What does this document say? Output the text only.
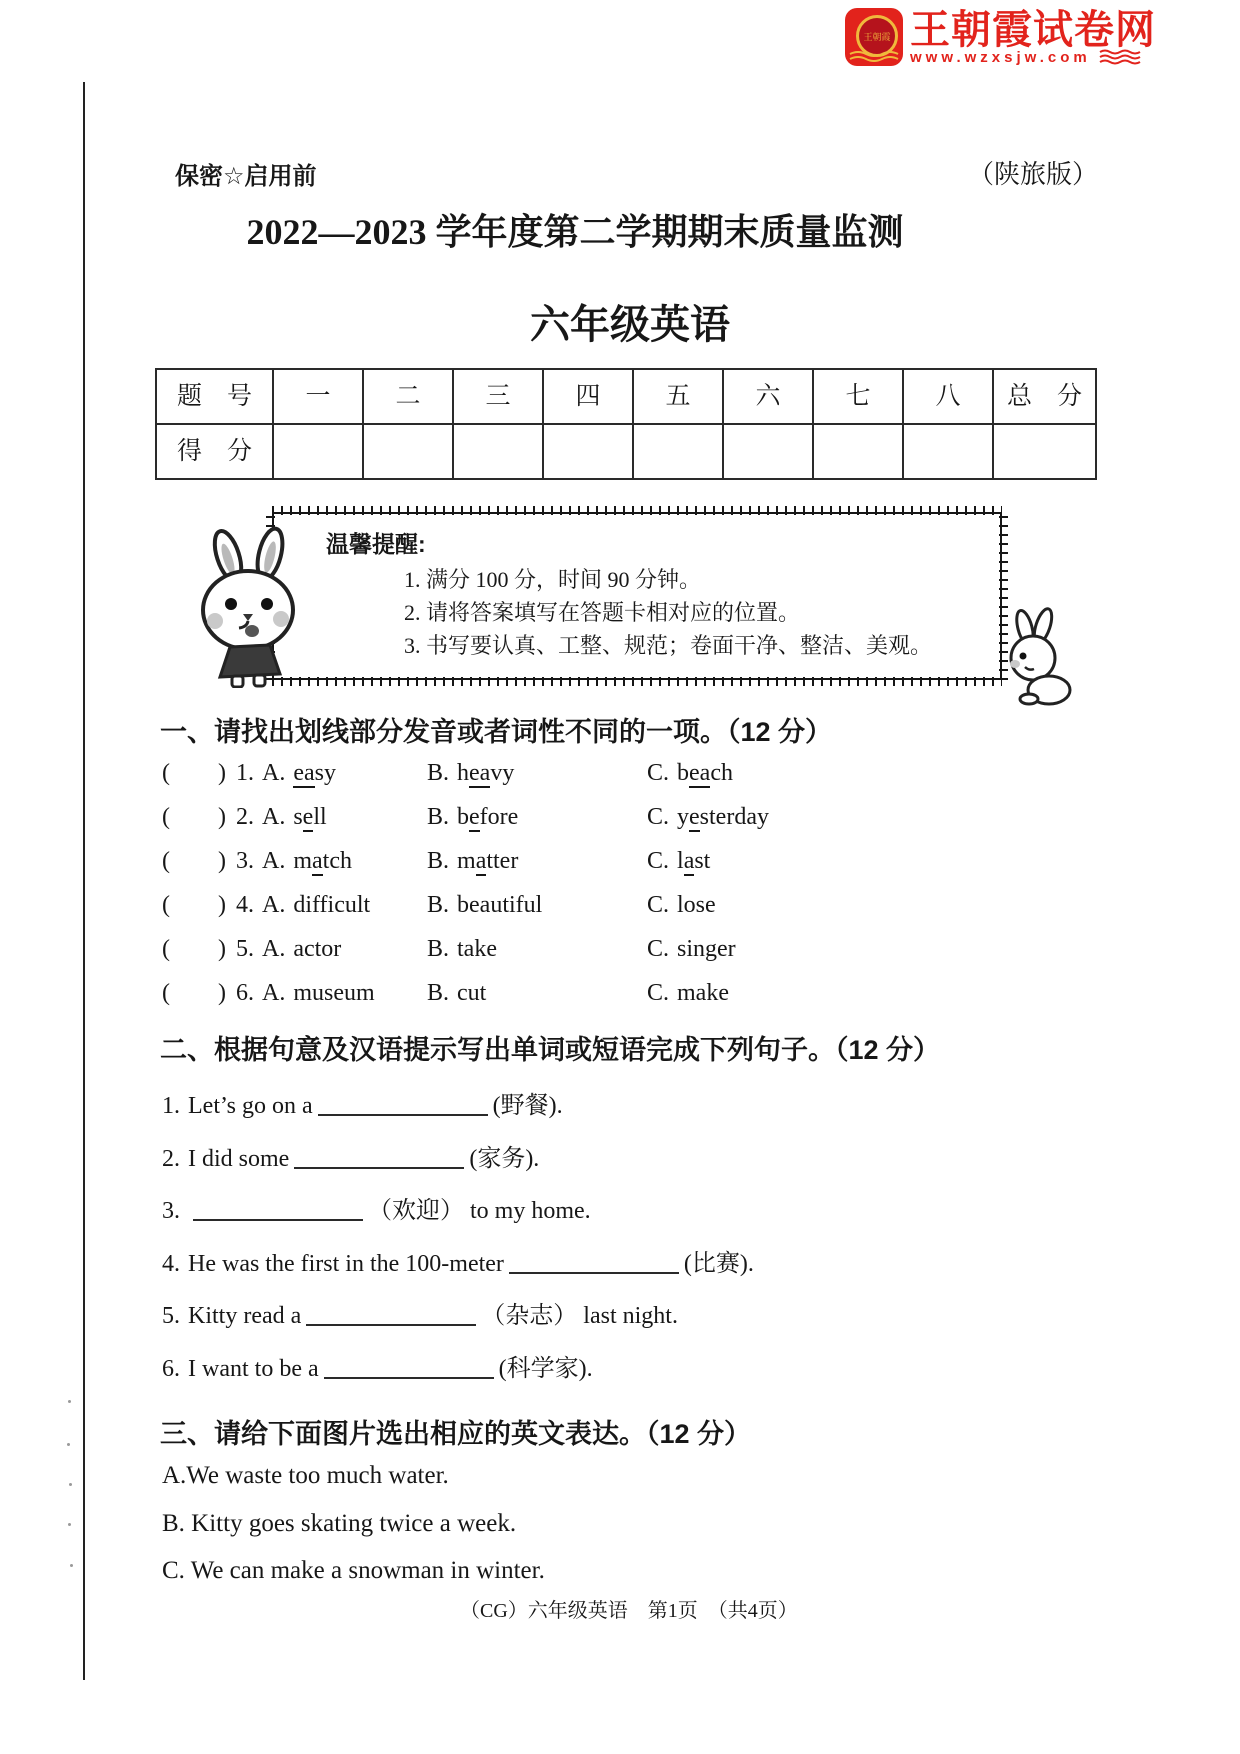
王朝霞 王朝霞试卷网
www.wzxsjw.com
保密☆启用前	（陕旅版）
2022—2023 学年度第二学期期末质量监测
六年级英语
题　号	一	二	三	四	五	六	七	八	总　分
得　分
温馨提醒:
1. 满分 100 分，时间 90 分钟。
2. 请将答案填写在答题卡相对应的位置。
3. 书写要认真、工整、规范；卷面干净、整洁、美观。
一、请找出划线部分发音或者词性不同的一项。（12 分）
(  ) 1. A. easy	B. heavy	C. beach
(  ) 2. A. sell	B. before	C. yesterday
(  ) 3. A. match	B. matter	C. last
(  ) 4. A. difficult	B. beautiful	C. lose
(  ) 5. A. actor	B. take	C. singer
(  ) 6. A. museum	B. cut	C. make
二、根据句意及汉语提示写出单词或短语完成下列句子。（12 分）
1. Let’s go on a	(野餐).
2. I did some	(家务).
3.	（欢迎） to my home.
4. He was the first in the 100-meter	(比赛).
5. Kitty read a	（杂志） last night.
6. I want to be a	(科学家).
三、请给下面图片选出相应的英文表达。（12 分）
A.We waste too much water.
B. Kitty goes skating twice a week.
C. We can make a snowman in winter.
（CG）六年级英语　第1页　（共4页）
